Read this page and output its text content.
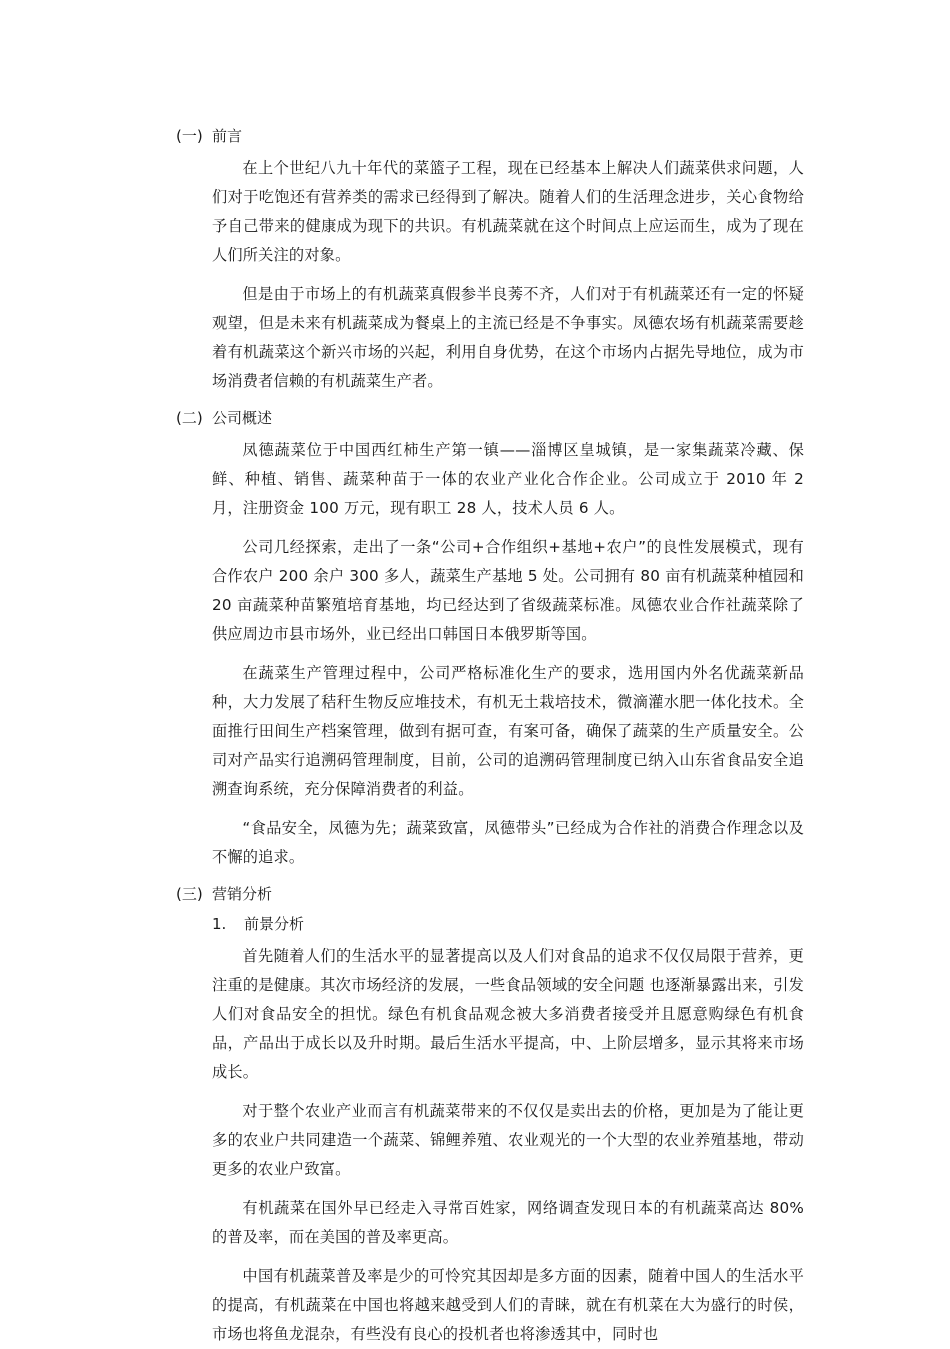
(一) 前言

在上个世纪八九十年代的菜篮子工程，现在已经基本上解决人们蔬菜供求问题，人们对于吃饱还有营养类的需求已经得到了解决。随着人们的生活理念进步，关心食物给予自己带来的健康成为现下的共识。有机蔬菜就在这个时间点上应运而生，成为了现在人们所关注的对象。

但是由于市场上的有机蔬菜真假参半良莠不齐，人们对于有机蔬菜还有一定的怀疑观望，但是未来有机蔬菜成为餐桌上的主流已经是不争事实。凤德农场有机蔬菜需要趁着有机蔬菜这个新兴市场的兴起，利用自身优势，在这个市场内占据先导地位，成为市场消费者信赖的有机蔬菜生产者。

(二) 公司概述

凤德蔬菜位于中国西红柿生产第一镇——淄博区皇城镇，是一家集蔬菜冷藏、保鲜、种植、销售、蔬菜种苗于一体的农业产业化合作企业。公司成立于 2010 年 2 月，注册资金 100 万元，现有职工 28 人，技术人员 6 人。

公司几经探索，走出了一条“公司+合作组织+基地+农户”的良性发展模式，现有合作农户 200 余户 300 多人，蔬菜生产基地 5 处。公司拥有 80 亩有机蔬菜种植园和 20 亩蔬菜种苗繁殖培育基地，均已经达到了省级蔬菜标准。凤德农业合作社蔬菜除了供应周边市县市场外，业已经出口韩国日本俄罗斯等国。

在蔬菜生产管理过程中，公司严格标准化生产的要求，选用国内外名优蔬菜新品种，大力发展了秸秆生物反应堆技术，有机无土栽培技术，微滴灌水肥一体化技术。全面推行田间生产档案管理，做到有据可查，有案可备，确保了蔬菜的生产质量安全。公司对产品实行追溯码管理制度，目前，公司的追溯码管理制度已纳入山东省食品安全追溯查询系统，充分保障消费者的利益。

“食品安全，凤德为先；蔬菜致富，凤德带头”已经成为合作社的消费合作理念以及不懈的追求。

(三) 营销分析
1.	前景分析

首先随着人们的生活水平的显著提高以及人们对食品的追求不仅仅局限于营养，更注重的是健康。其次市场经济的发展，一些食品领域的安全问题 也逐渐暴露出来，引发人们对食品安全的担忧。绿色有机食品观念被大多消费者接受并且愿意购绿色有机食品，产品出于成长以及升时期。最后生活水平提高，中、上阶层增多，显示其将来市场成长。

对于整个农业产业而言有机蔬菜带来的不仅仅是卖出去的价格，更加是为了能让更多的农业户共同建造一个蔬菜、锦鲤养殖、农业观光的一个大型的农业养殖基地，带动更多的农业户致富。

有机蔬菜在国外早已经走入寻常百姓家，网络调查发现日本的有机蔬菜高达 80%的普及率，而在美国的普及率更高。

中国有机蔬菜普及率是少的可怜究其因却是多方面的因素，随着中国人的生活水平的提高，有机蔬菜在中国也将越来越受到人们的青睐，就在有机菜在大为盛行的时侯，市场也将鱼龙混杂，有些没有良心的投机者也将渗透其中，同时也
